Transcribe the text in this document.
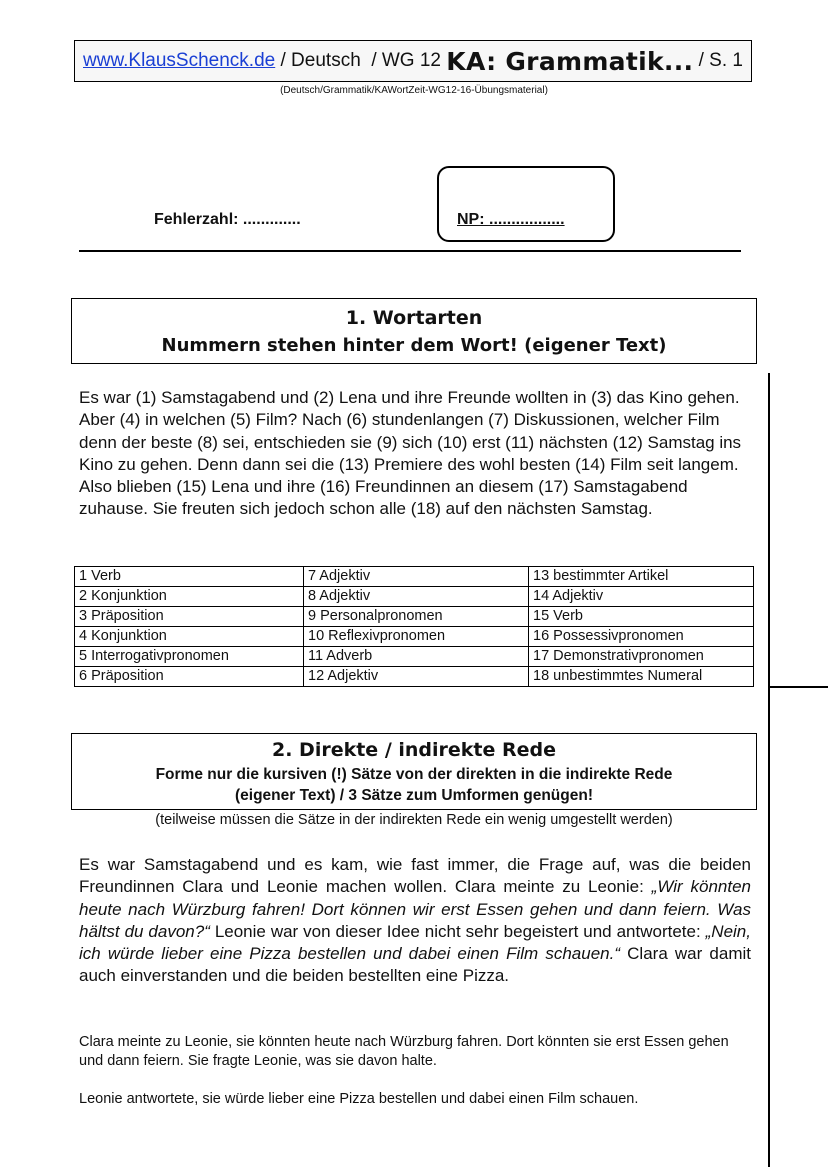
www.KlausSchenck.de / Deutsch  / WG 12 KA: Grammatik... / S. 1
(Deutsch/Grammatik/KAWortZeit-WG12-16-Übungsmaterial)
Fehlerzahl: .............	NP: .................
1. Wortarten
Nummern stehen hinter dem Wort! (eigener Text)
Es war (1) Samstagabend und (2) Lena und ihre Freunde wollten in (3) das Kino gehen. Aber (4) in welchen (5) Film? Nach (6) stundenlangen (7) Diskussionen, welcher Film denn der beste (8) sei, entschieden sie (9) sich (10) erst (11) nächsten (12) Samstag ins Kino zu gehen. Denn dann sei die (13) Premiere des wohl besten (14) Film seit langem. Also blieben (15) Lena und ihre (16) Freundinnen an diesem (17) Samstagabend zuhause. Sie freuten sich jedoch schon alle (18) auf den nächsten Samstag.
1 Verb	7 Adjektiv	13 bestimmter Artikel
2 Konjunktion	8 Adjektiv	14 Adjektiv
3 Präposition	9 Personalpronomen	15 Verb
4 Konjunktion	10 Reflexivpronomen	16 Possessivpronomen
5 Interrogativpronomen	11 Adverb	17 Demonstrativpronomen
6 Präposition	12 Adjektiv	18 unbestimmtes Numeral
2. Direkte / indirekte Rede
Forme nur die kursiven (!) Sätze von der direkten in die indirekte Rede
(eigener Text) / 3 Sätze zum Umformen genügen!
(teilweise müssen die Sätze in der indirekten Rede ein wenig umgestellt werden)
Es war Samstagabend und es kam, wie fast immer, die Frage auf, was die beiden Freundinnen Clara und Leonie machen wollen. Clara meinte zu Leonie: „Wir könnten heute nach Würzburg fahren! Dort können wir erst Essen gehen und dann feiern. Was hältst du davon?“ Leonie war von dieser Idee nicht sehr begeistert und antwortete: „Nein, ich würde lieber eine Pizza bestellen und dabei einen Film schauen.“ Clara war damit auch einverstanden und die beiden bestellten eine Pizza.
Clara meinte zu Leonie, sie könnten heute nach Würzburg fahren. Dort könnten sie erst Essen gehen und dann feiern. Sie fragte Leonie, was sie davon halte.
Leonie antwortete, sie würde lieber eine Pizza bestellen und dabei einen Film schauen.
